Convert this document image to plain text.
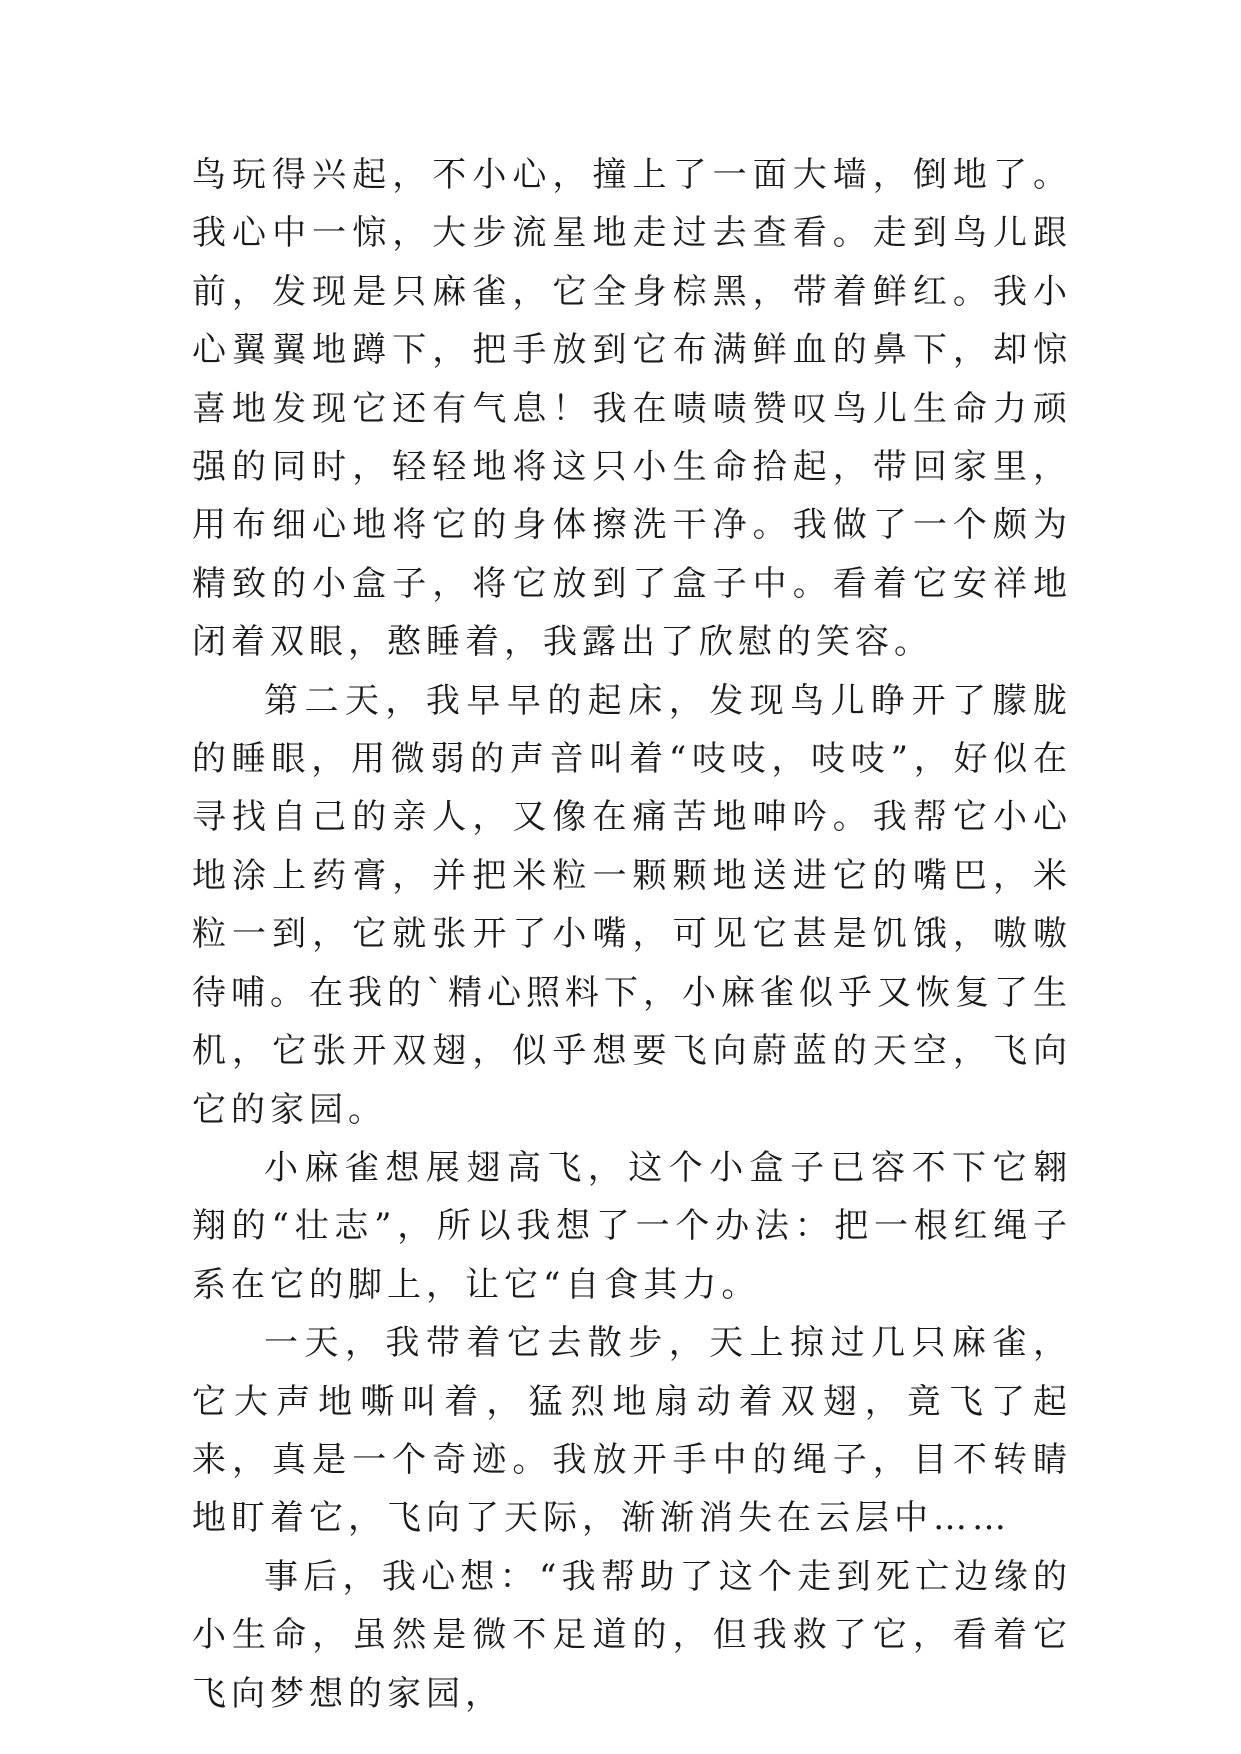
鸟玩得兴起，不小心，撞上了一面大墙，倒地了。我心中一惊，大步流星地走过去查看。走到鸟儿跟前，发现是只麻雀，它全身棕黑，带着鲜红。我小心翼翼地蹲下，把手放到它布满鲜血的鼻下，却惊喜地发现它还有气息！我在啧啧赞叹鸟儿生命力顽强的同时，轻轻地将这只小生命拾起，带回家里，用布细心地将它的身体擦洗干净。我做了一个颇为精致的小盒子，将它放到了盒子中。看着它安祥地闭着双眼，憨睡着，我露出了欣慰的笑容。

第二天，我早早的起床，发现鸟儿睁开了朦胧的睡眼，用微弱的声音叫着“吱吱，吱吱”，好似在寻找自己的亲人，又像在痛苦地呻吟。我帮它小心地涂上药膏，并把米粒一颗颗地送进它的嘴巴，米粒一到，它就张开了小嘴，可见它甚是饥饿，嗷嗷待哺。在我的`精心照料下，小麻雀似乎又恢复了生机，它张开双翅，似乎想要飞向蔚蓝的天空，飞向它的家园。

小麻雀想展翅高飞，这个小盒子已容不下它翱翔的“壮志”，所以我想了一个办法：把一根红绳子系在它的脚上，让它“自食其力。

一天，我带着它去散步，天上掠过几只麻雀，它大声地嘶叫着，猛烈地扇动着双翅，竟飞了起来，真是一个奇迹。我放开手中的绳子，目不转睛地盯着它，飞向了天际，渐渐消失在云层中……

事后，我心想：“我帮助了这个走到死亡边缘的小生命，虽然是微不足道的，但我救了它，看着它飞向梦想的家园，
